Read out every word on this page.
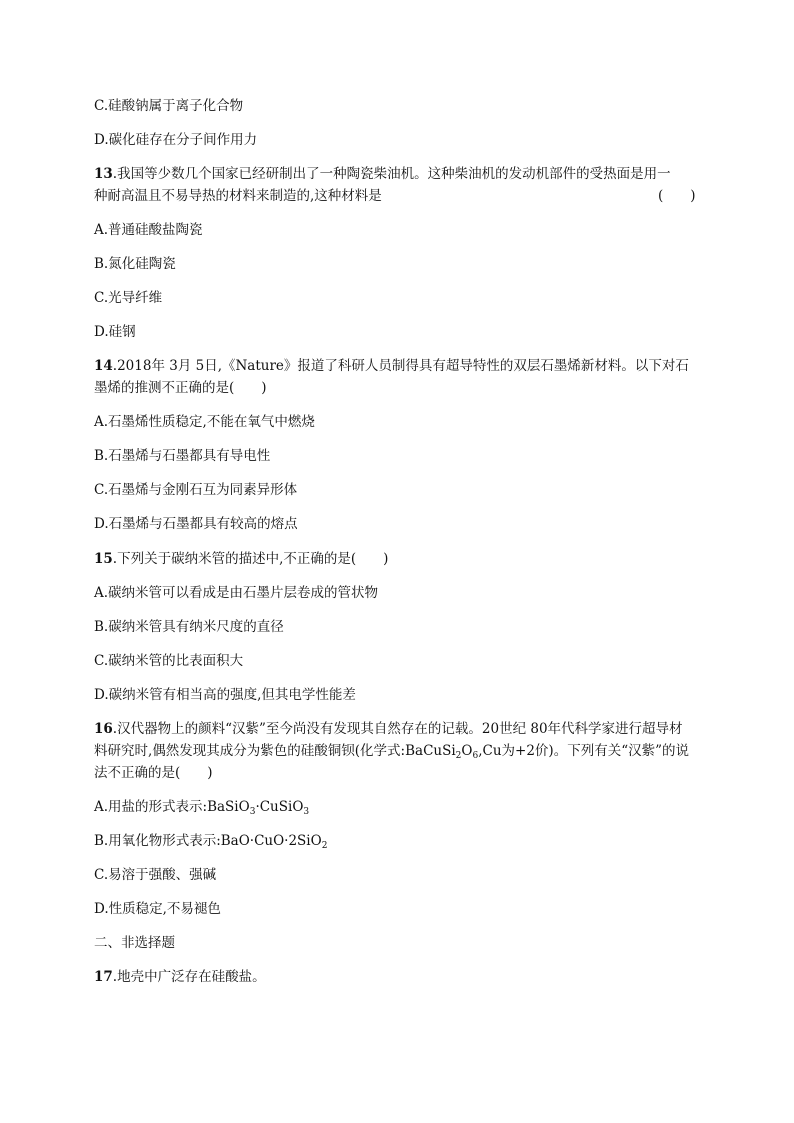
C.硅酸钠属于离子化合物
D.碳化硅存在分子间作用力
13.我国等少数几个国家已经研制出了一种陶瓷柴油机。这种柴油机的发动机部件的受热面是用一
种耐高温且不易导热的材料来制造的,这种材料是	(　　)
A.普通硅酸盐陶瓷
B.氮化硅陶瓷
C.光导纤维
D.硅钢
14.2018年 3月 5日,《Nature》报道了科研人员制得具有超导特性的双层石墨烯新材料。以下对石
墨烯的推测不正确的是(　　)
A.石墨烯性质稳定,不能在氧气中燃烧
B.石墨烯与石墨都具有导电性
C.石墨烯与金刚石互为同素异形体
D.石墨烯与石墨都具有较高的熔点
15.下列关于碳纳米管的描述中,不正确的是(　　)
A.碳纳米管可以看成是由石墨片层卷成的管状物
B.碳纳米管具有纳米尺度的直径
C.碳纳米管的比表面积大
D.碳纳米管有相当高的强度,但其电学性能差
16.汉代器物上的颜料“汉紫”至今尚没有发现其自然存在的记载。20世纪 80年代科学家进行超导材
料研究时,偶然发现其成分为紫色的硅酸铜钡(化学式$:BaCuSi_2O_6,Cu$为+2价)。下列有关“汉紫”的说
法不正确的是(　　)
A.用盐的形式表示:BaSiO$_3$·CuSiO$_3$
B.用氧化物形式表示:BaO·CuO·2SiO$_2$
C.易溶于强酸、强碱
D.性质稳定,不易褪色
二、非选择题
17.地壳中广泛存在硅酸盐。
